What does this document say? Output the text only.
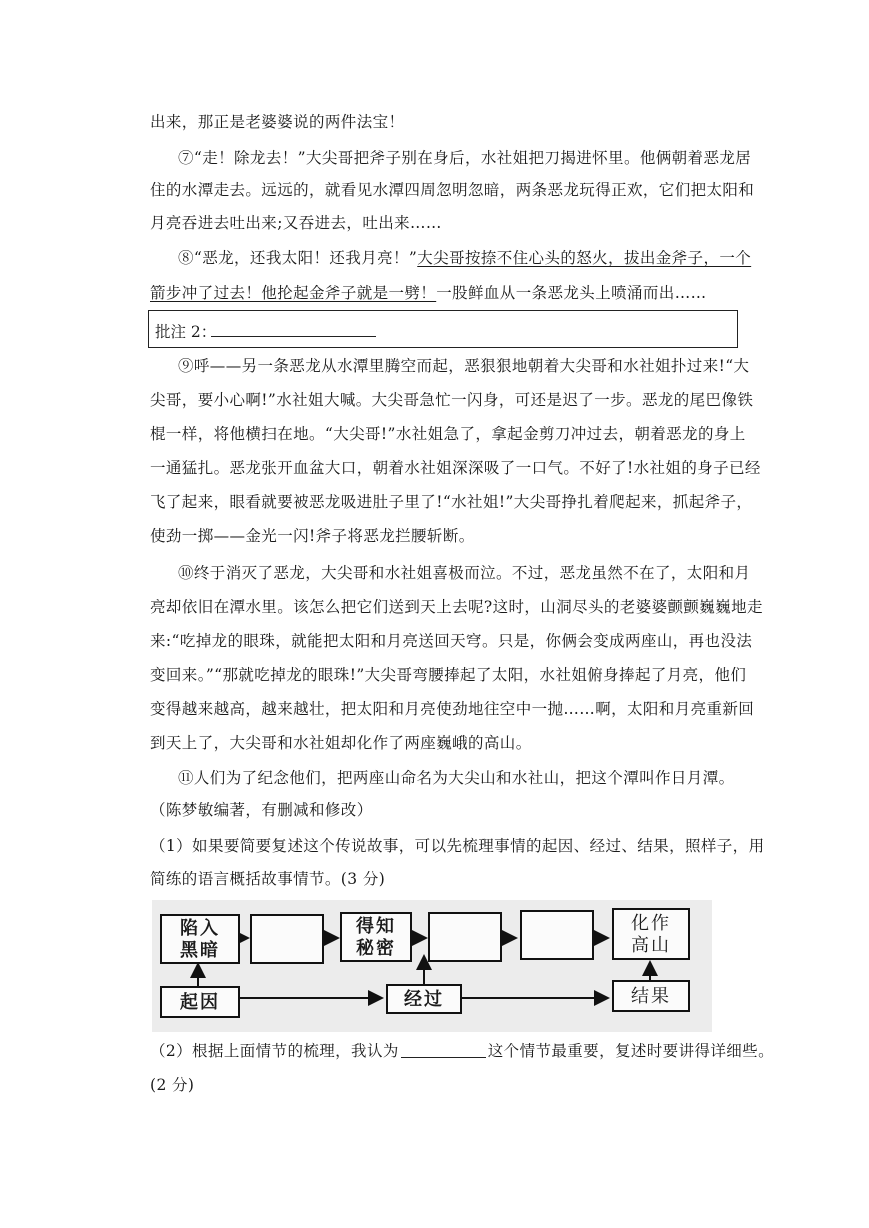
出来，那正是老婆婆说的两件法宝！
⑦“走！除龙去！”大尖哥把斧子别在身后，水社姐把刀揭进怀里。他俩朝着恶龙居
住的水潭走去。远远的，就看见水潭四周忽明忽暗，两条恶龙玩得正欢，它们把太阳和
月亮吞进去吐出来;又吞进去，吐出来……
⑧“恶龙，还我太阳！还我月亮！”大尖哥按捺不住心头的怒火，拔出金斧子，一个
箭步冲了过去！他抡起金斧子就是一劈！一股鲜血从一条恶龙头上喷涌而出……
批注 2：
⑨呼——另一条恶龙从水潭里腾空而起，恶狠狠地朝着大尖哥和水社姐扑过来!“大
尖哥，要小心啊!”水社姐大喊。大尖哥急忙一闪身，可还是迟了一步。恶龙的尾巴像铁
棍一样，将他横扫在地。“大尖哥!”水社姐急了，拿起金剪刀冲过去，朝着恶龙的身上
一通猛扎。恶龙张开血盆大口，朝着水社姐深深吸了一口气。不好了!水社姐的身子已经
飞了起来，眼看就要被恶龙吸进肚子里了!“水社姐!”大尖哥挣扎着爬起来，抓起斧子，
使劲一掷——金光一闪!斧子将恶龙拦腰斩断。
⑩终于消灭了恶龙，大尖哥和水社姐喜极而泣。不过，恶龙虽然不在了，太阳和月
亮却依旧在潭水里。该怎么把它们送到天上去呢?这时，山洞尽头的老婆婆颤颤巍巍地走
来:“吃掉龙的眼珠，就能把太阳和月亮送回天穹。只是，你俩会变成两座山，再也没法
变回来。”“那就吃掉龙的眼珠!”大尖哥弯腰捧起了太阳，水社姐俯身捧起了月亮，他们
变得越来越高，越来越壮，把太阳和月亮使劲地往空中一抛……啊，太阳和月亮重新回
到天上了，大尖哥和水社姐却化作了两座巍峨的高山。
⑪人们为了纪念他们，把两座山命名为大尖山和水社山，把这个潭叫作日月潭。
（陈梦敏编著，有删减和修改）
（1）如果要简要复述这个传说故事，可以先梳理事情的起因、经过、结果，照样子，用
简练的语言概括故事情节。(3 分)
陷入
黑暗
得知
秘密
化作
高山
起因	经过	结果
（2）根据上面情节的梳理，我认为	这个情节最重要，复述时要讲得详细些。
(2 分)
